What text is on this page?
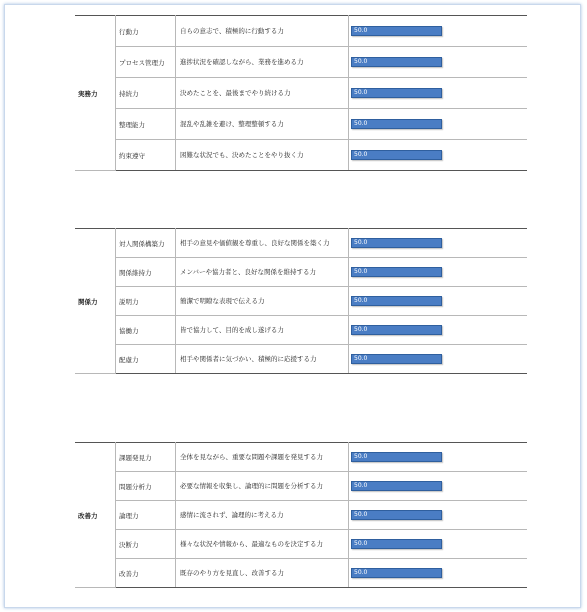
実務力	行動力	自らの意志で、積極的に行動する力	50.0

	プロセス管理力	進捗状況を確認しながら、業務を進める力	50.0

	持続力	決めたことを、最後までやり続ける力	50.0

	整理能力	混乱や乱雑を避け、整理整頓する力	50.0

	約束遵守	困難な状況でも、決めたことをやり抜く力	50.0
関係力	対人関係構築力	相手の意見や価値観を尊重し、良好な関係を築く力	50.0

	関係維持力	メンバーや協力者と、良好な関係を維持する力	50.0

	説明力	簡潔で明瞭な表現で伝える力	50.0

	協働力	皆で協力して、目的を成し遂げる力	50.0

	配慮力	相手や関係者に気づかい、積極的に応援する力	50.0
改善力	課題発見力	全体を見ながら、重要な問題や課題を発見する力	50.0

	問題分析力	必要な情報を収集し、論理的に問題を分析する力	50.0

	論理力	感情に流されず、論理的に考える力	50.0

	決断力	様々な状況や情報から、最適なものを決定する力	50.0

	改善力	既存のやり方を見直し、改善する力	50.0
